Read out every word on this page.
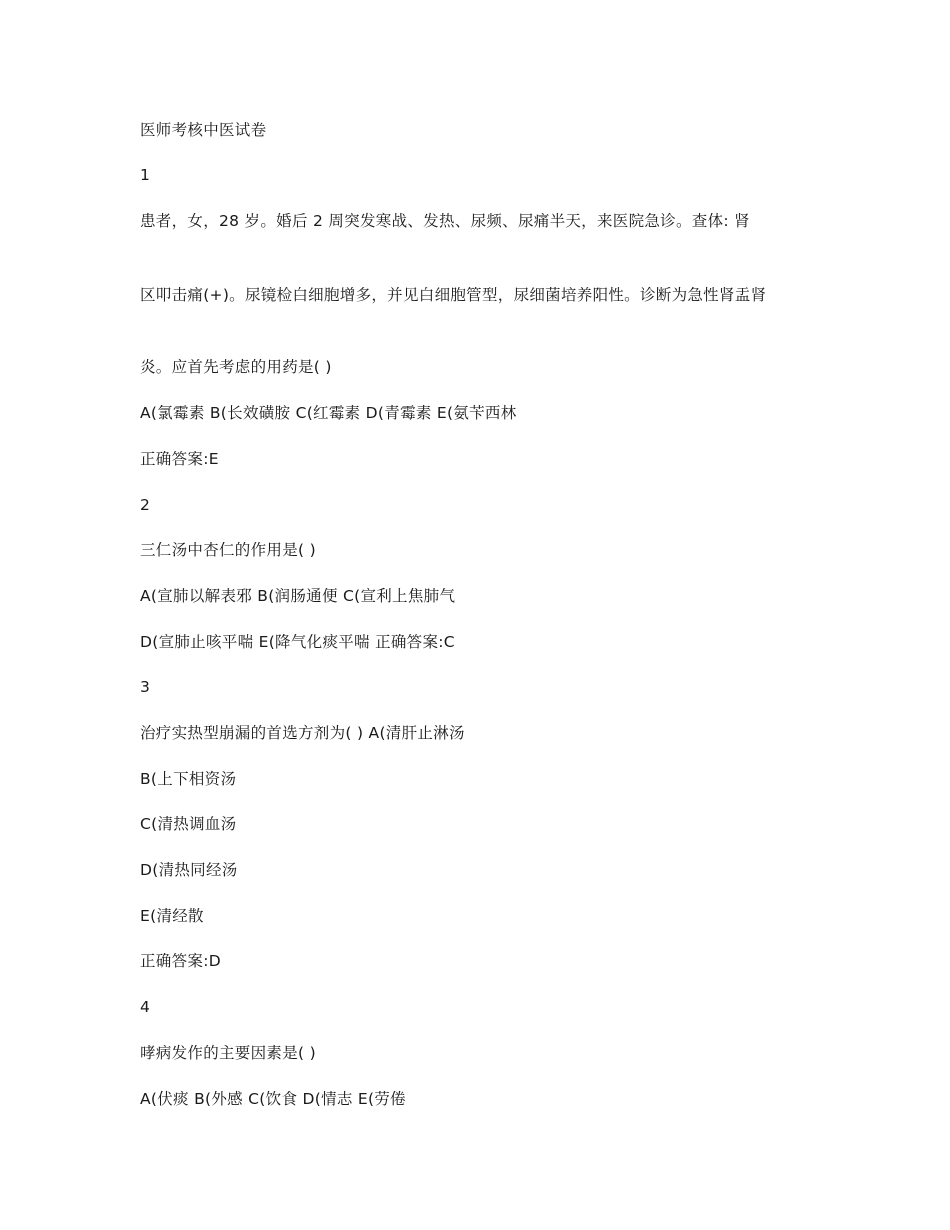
医师考核中医试卷
1
患者，女，28 岁。婚后 2 周突发寒战、发热、尿频、尿痛半天，来医院急诊。查体: 肾
区叩击痛(+)。尿镜检白细胞增多，并见白细胞管型，尿细菌培养阳性。诊断为急性肾盂肾
炎。应首先考虑的用药是( )
A(氯霉素 B(长效磺胺 C(红霉素 D(青霉素 E(氨苄西林
正确答案:E
2
三仁汤中杏仁的作用是( )
A(宣肺以解表邪 B(润肠通便 C(宣利上焦肺气
D(宣肺止咳平喘 E(降气化痰平喘 正确答案:C
3
治疗实热型崩漏的首选方剂为( ) A(清肝止淋汤
B(上下相资汤
C(清热调血汤
D(清热同经汤
E(清经散
正确答案:D
4
哮病发作的主要因素是( )
A(伏痰 B(外感 C(饮食 D(情志 E(劳倦
